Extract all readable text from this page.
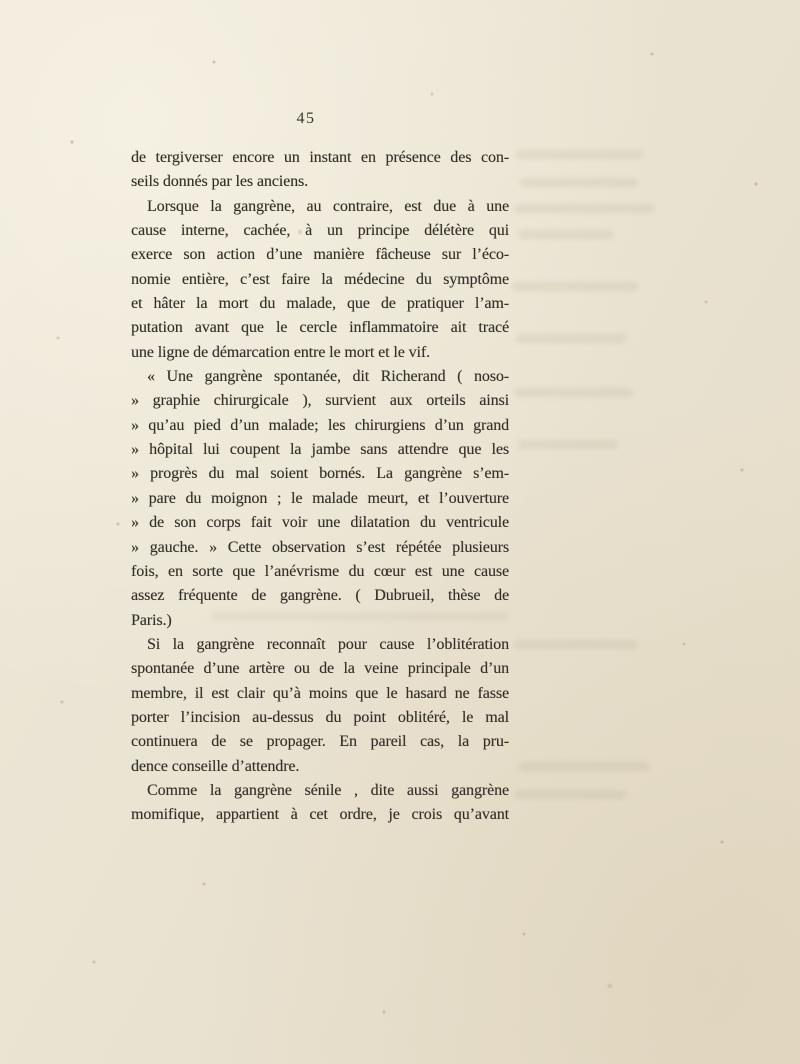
45
de tergiverser encore un instant en présence des con-
seils donnés par les anciens.
Lorsque la gangrène, au contraire, est due à une
cause interne, cachée, à un principe délétère qui
exerce son action d’une manière fâcheuse sur l’éco-
nomie entière, c’est faire la médecine du symptôme
et hâter la mort du malade, que de pratiquer l’am-
putation avant que le cercle inflammatoire ait tracé
une ligne de démarcation entre le mort et le vif.
« Une gangrène spontanée, dit Richerand ( noso-
» graphie chirurgicale ), survient aux orteils ainsi
» qu’au pied d’un malade; les chirurgiens d’un grand
» hôpital lui coupent la jambe sans attendre que les
» progrès du mal soient bornés. La gangrène s’em-
» pare du moignon ; le malade meurt, et l’ouverture
» de son corps fait voir une dilatation du ventricule
» gauche. » Cette observation s’est répétée plusieurs
fois, en sorte que l’anévrisme du cœur est une cause
assez fréquente de gangrène. ( Dubrueil, thèse de
Paris.)
Si la gangrène reconnaît pour cause l’oblitération
spontanée d’une artère ou de la veine principale d’un
membre, il est clair qu’à moins que le hasard ne fasse
porter l’incision au-dessus du point oblitéré, le mal
continuera de se propager. En pareil cas, la pru-
dence conseille d’attendre.
Comme la gangrène sénile , dite aussi gangrène
momifique, appartient à cet ordre, je crois qu’avant
